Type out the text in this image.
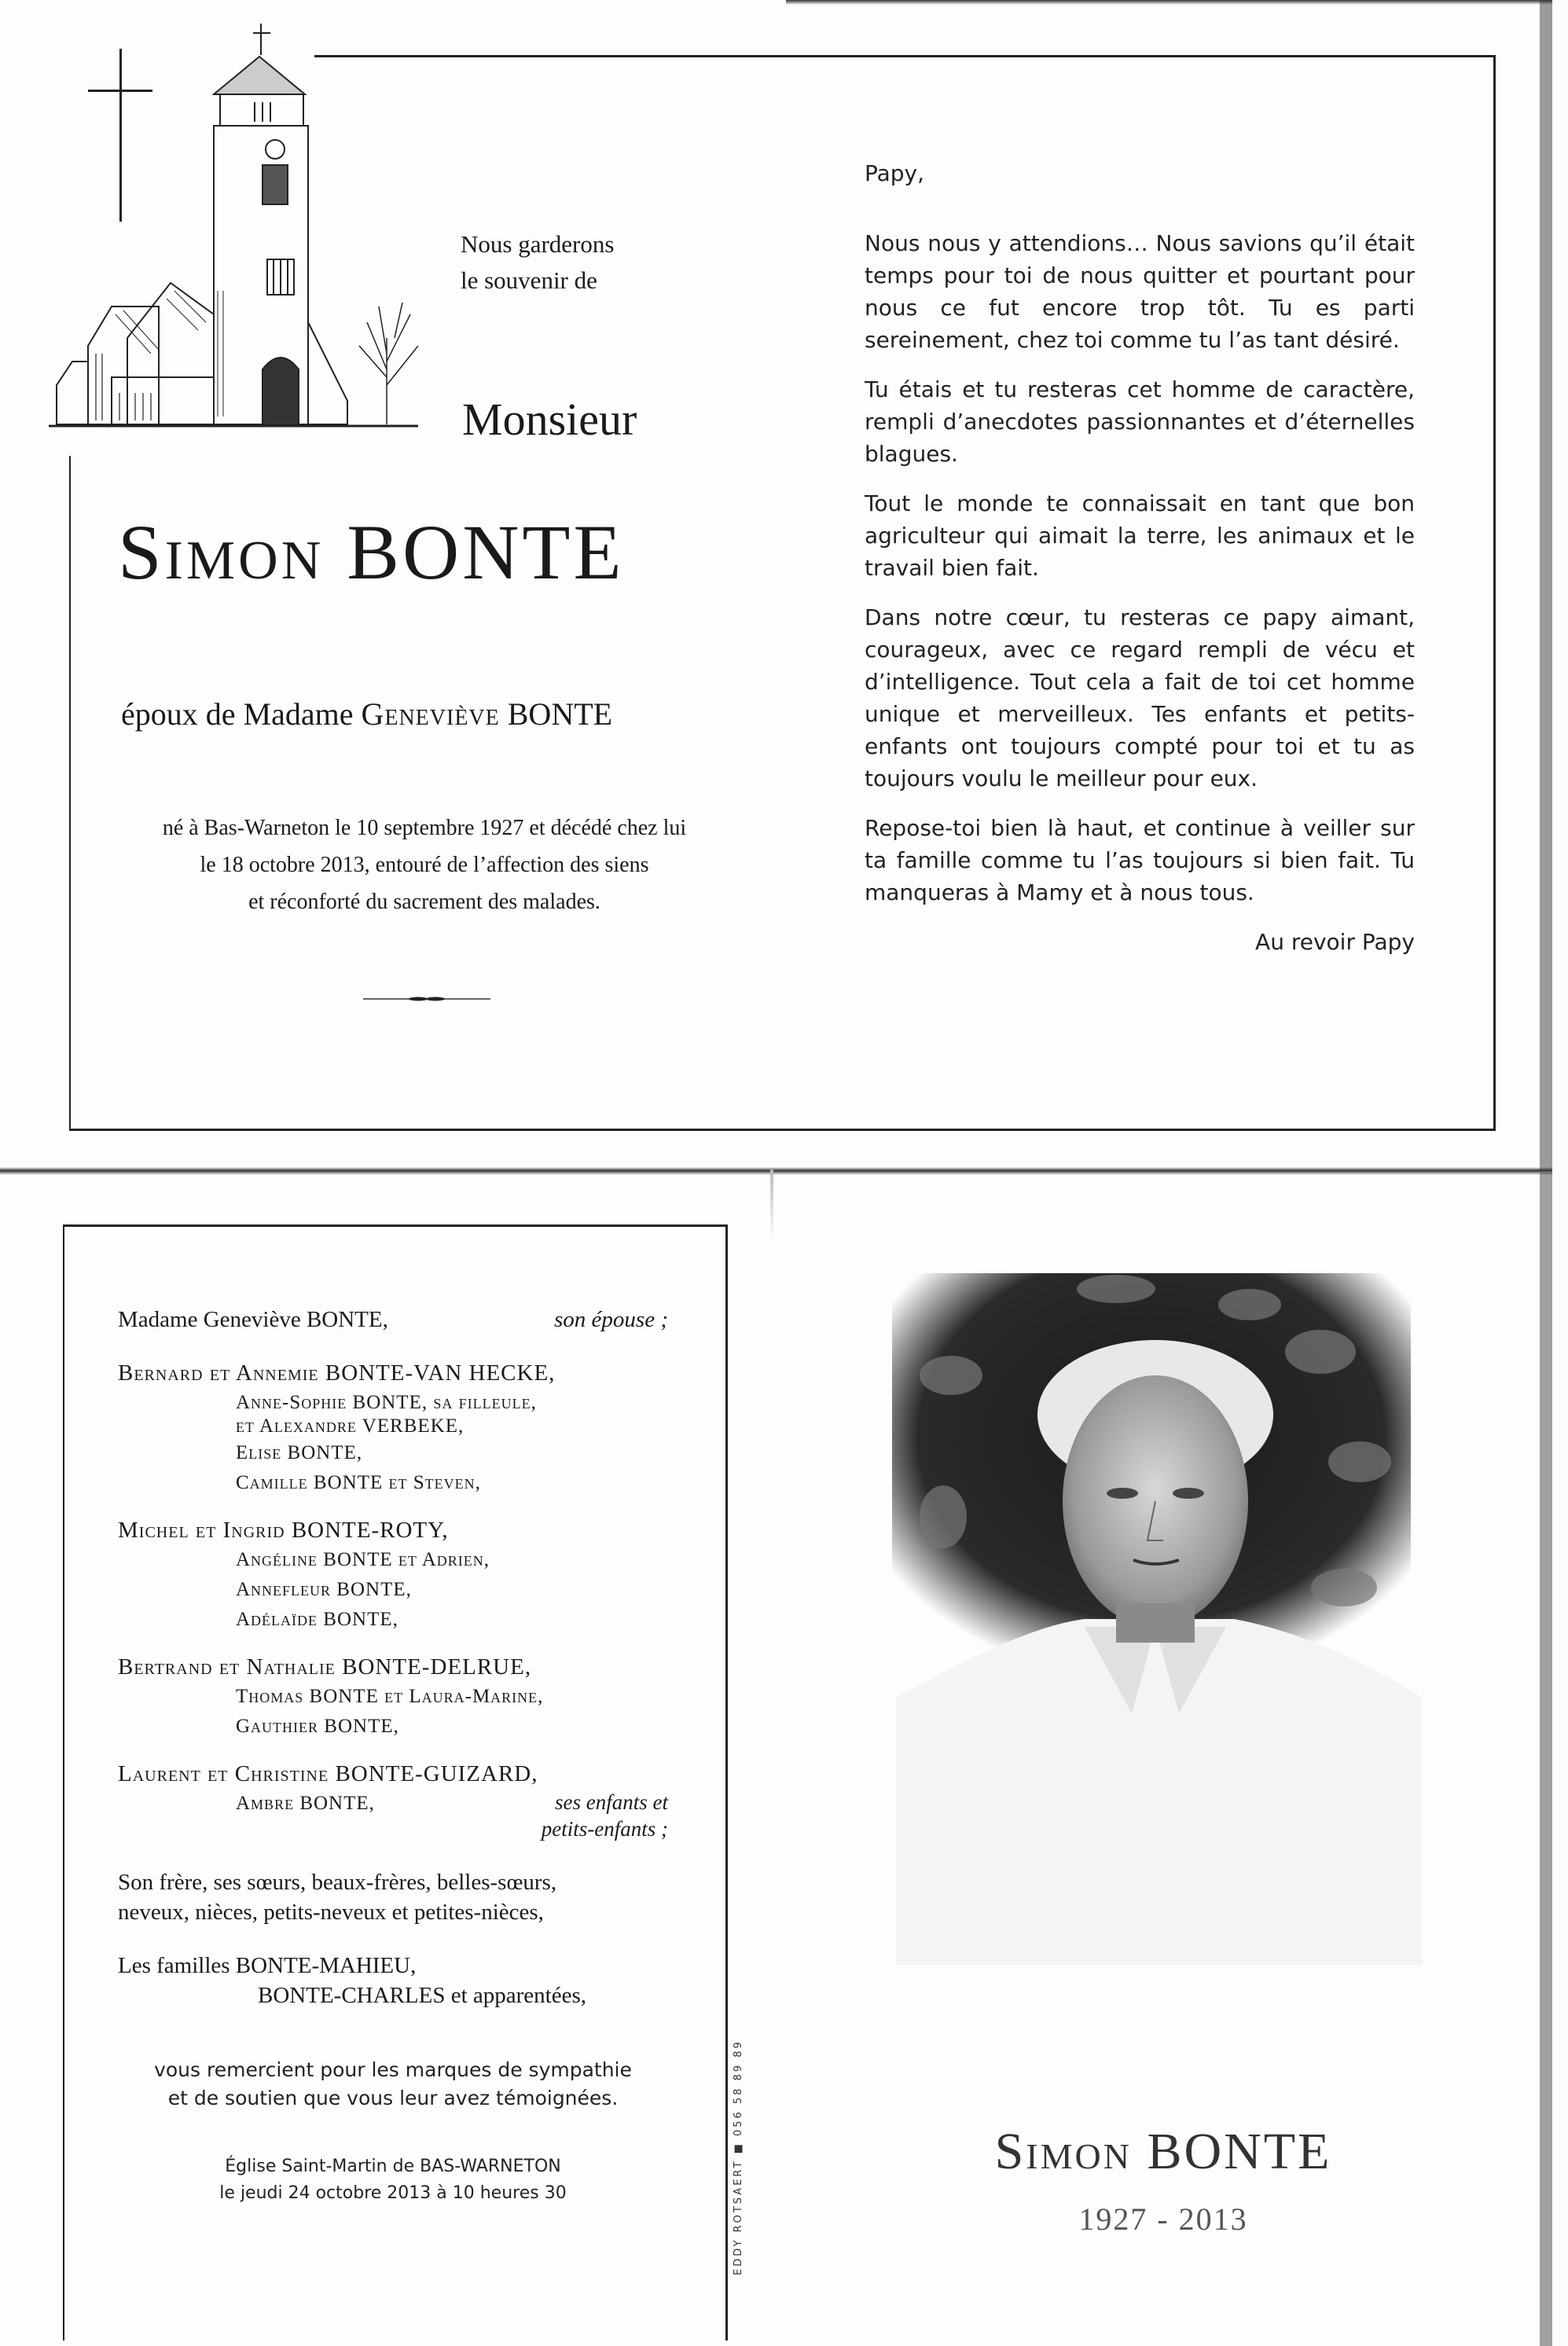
Nous garderons
le souvenir de
Monsieur
Simon BONTE
époux de Madame Geneviève BONTE
né à Bas-Warneton le 10 septembre 1927 et décédé chez lui
le 18 octobre 2013, entouré de l’affection des siens
et réconforté du sacrement des malades.
Papy,

Nous nous y attendions… Nous savions qu’il était temps pour toi de nous quitter et pourtant pour nous ce fut encore trop tôt. Tu es parti sereinement, chez toi comme tu l’as tant désiré.

Tu étais et tu resteras cet homme de caractère, rempli d’anecdotes passionnantes et d’éternelles blagues.

Tout le monde te connaissait en tant que bon agriculteur qui aimait la terre, les animaux et le travail bien fait.

Dans notre cœur, tu resteras ce papy aimant, courageux, avec ce regard rempli de vécu et d’intelligence. Tout cela a fait de toi cet homme unique et merveilleux. Tes enfants et petits-enfants ont toujours compté pour toi et tu as toujours voulu le meilleur pour eux.

Repose-toi bien là haut, et continue à veiller sur ta famille comme tu l’as toujours si bien fait. Tu manqueras à Mamy et à nous tous.

Au revoir Papy
Madame Geneviève BONTE,	son épouse ;
Bernard et Annemie BONTE-VAN HECKE,
Anne-Sophie BONTE, sa filleule,
et Alexandre VERBEKE,
Elise BONTE,
Camille BONTE et Steven,
Michel et Ingrid BONTE-ROTY,
Angéline BONTE et Adrien,
Annefleur BONTE,
Adélaïde BONTE,
Bertrand et Nathalie BONTE-DELRUE,
Thomas BONTE et Laura-Marine,
Gauthier BONTE,
Laurent et Christine BONTE-GUIZARD,
Ambre BONTE,	ses enfants et
petits-enfants ;
Son frère, ses sœurs, beaux-frères, belles-sœurs,
neveux, nièces, petits-neveux et petites-nièces,
Les familles BONTE-MAHIEU,
BONTE-CHARLES et apparentées,
vous remercient pour les marques de sympathie
et de soutien que vous leur avez témoignées.
Église Saint-Martin de BAS-WARNETON
le jeudi 24 octobre 2013 à 10 heures 30	EDDY ROTSAERT ■ 056 58 89 89	Simon BONTE
1927 - 2013
